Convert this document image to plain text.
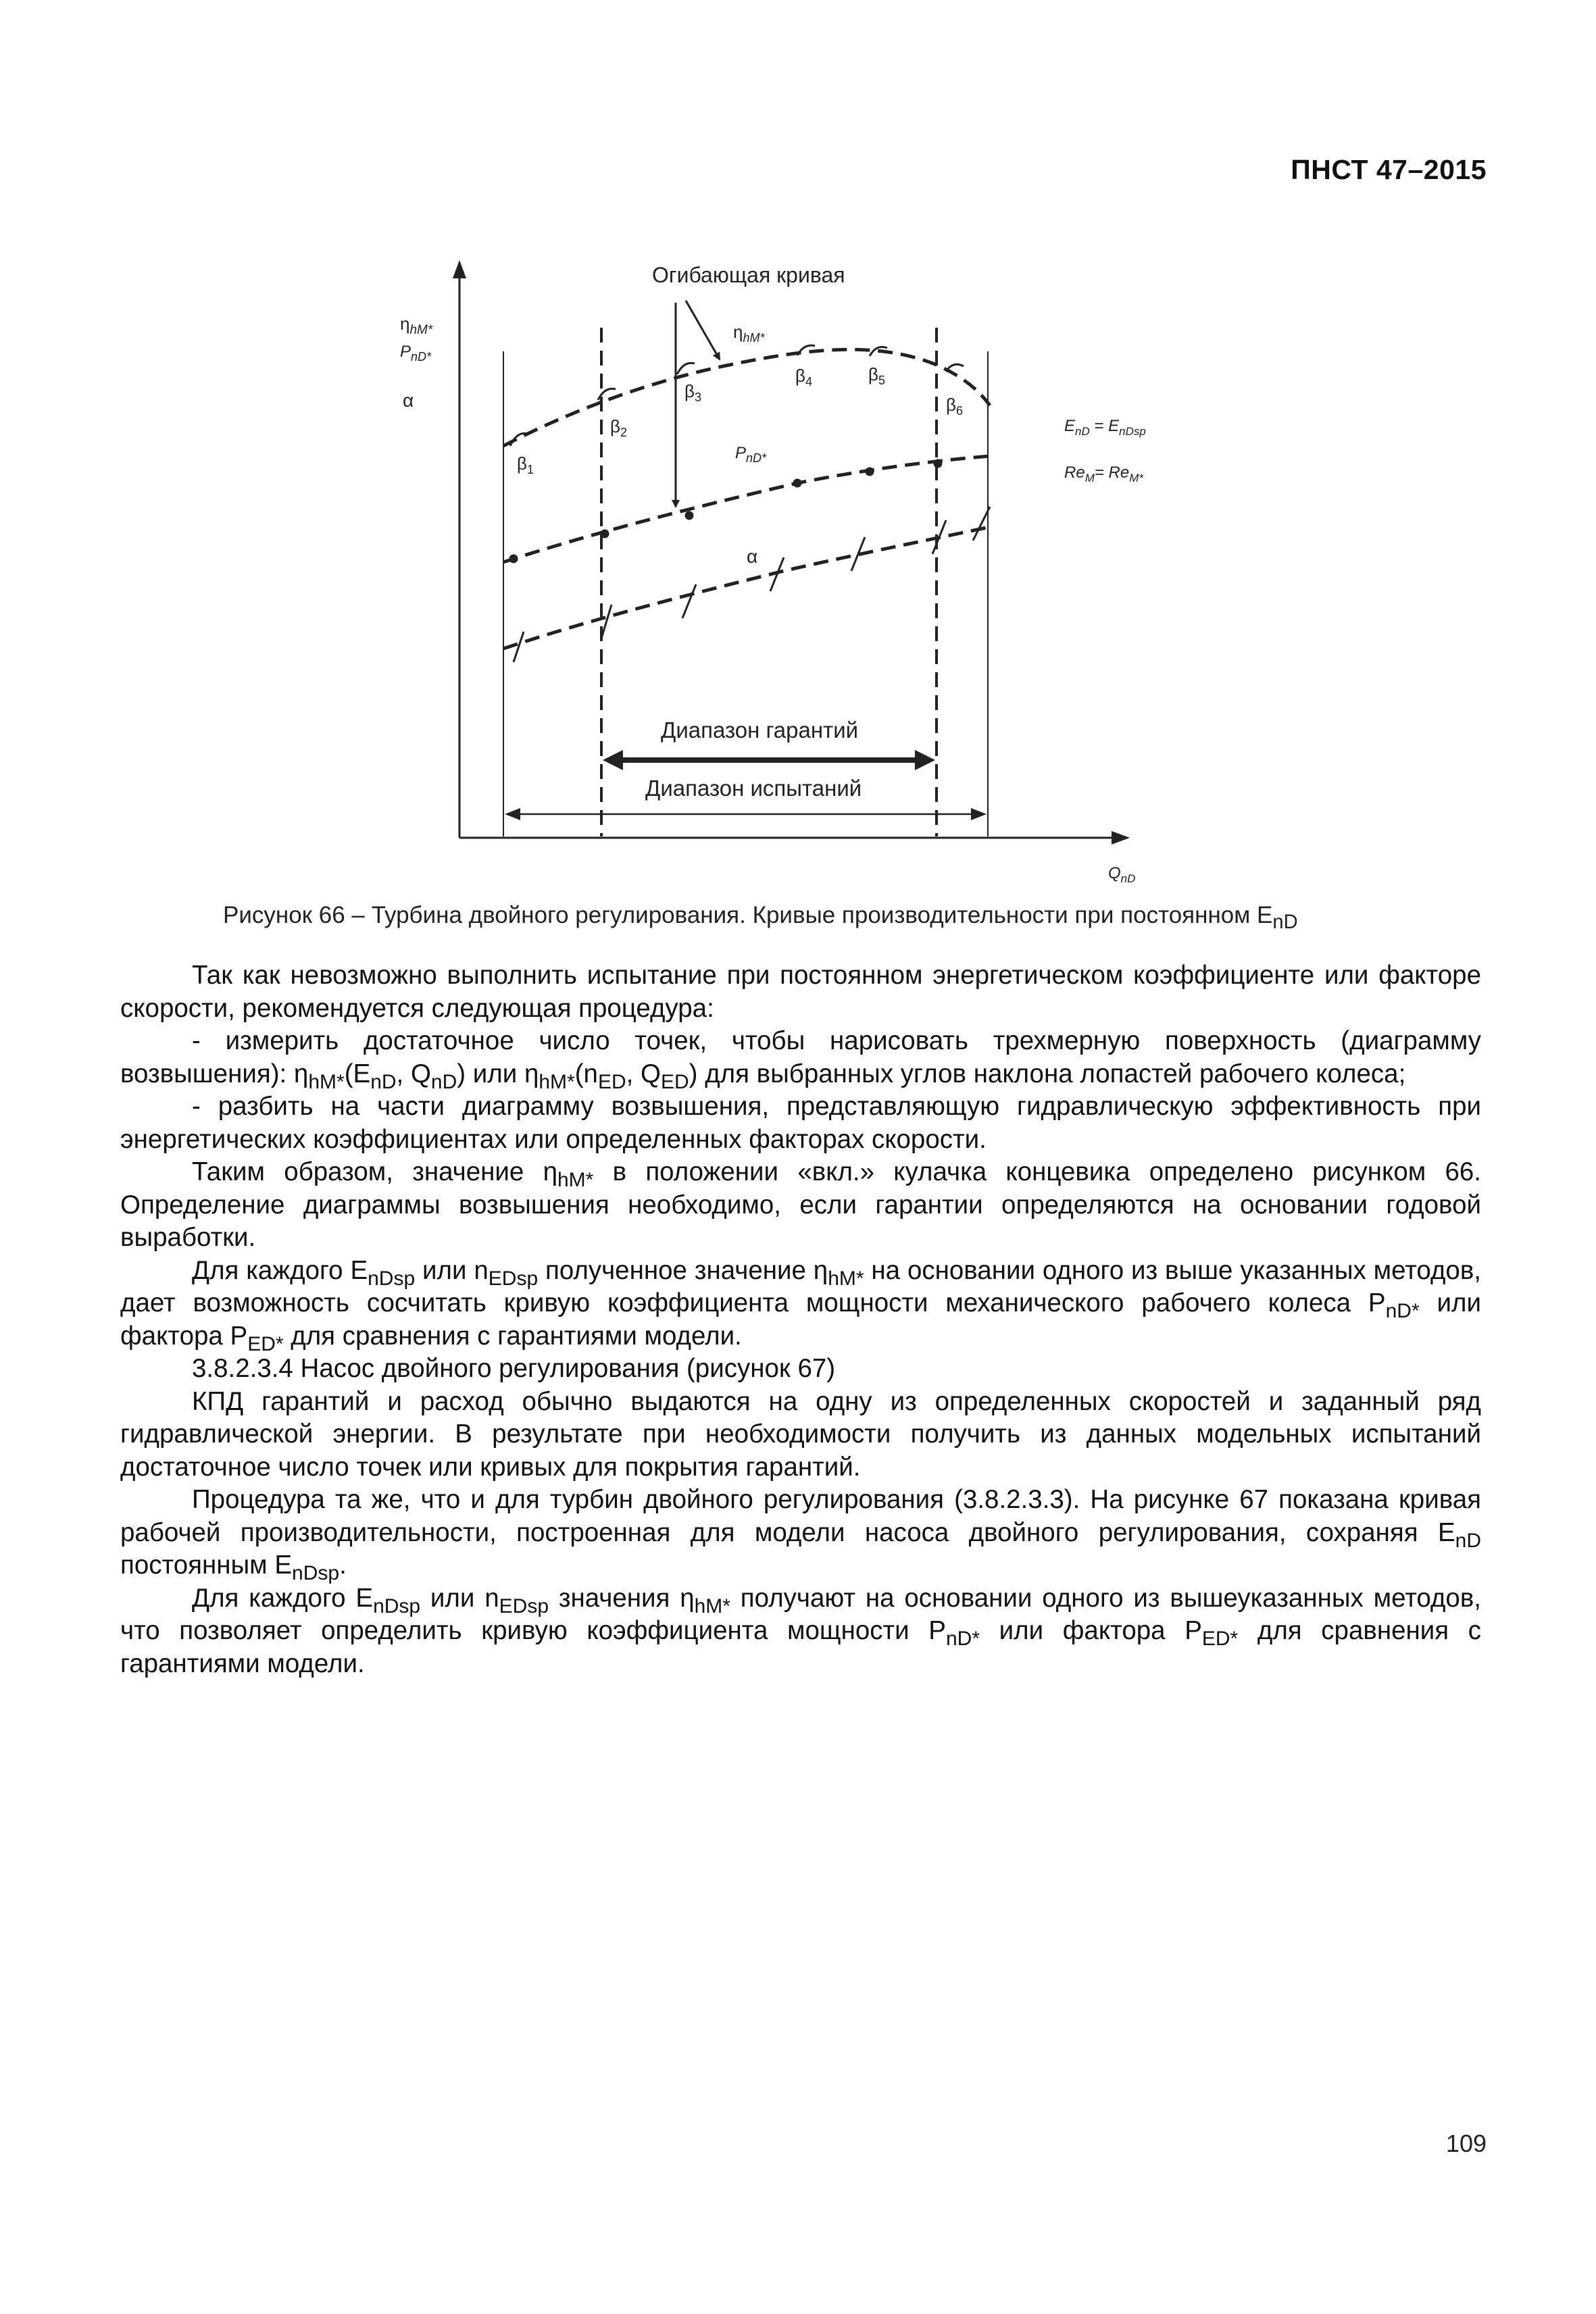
ПНСТ 47–2015
Огибающая кривая
$\eta_{hM*}$
$P_{nD*}$
α
$\eta_{hM*}$
$P_{nD*}$
α
$\beta_1$
$\beta_2$
$\beta_3$
$\beta_4$	$\beta_5$
$\beta_6$
$E_{nD} = E_{nDsp}$
$Re_M= Re_{M*}$
Диапазон гарантий
Диапазон испытаний
$Q_{nD}$
Рисунок 66 – Турбина двойного регулирования. Кривые производительности при постоянном $E_{nD}$

Так как невозможно выполнить испытание при постоянном энергетическом коэффициенте или факторе скорости, рекомендуется следующая процедура:

- измерить достаточное число точек, чтобы нарисовать трехмерную поверхность (диаграмму возвышения): $\eta_{hM*}(E_{nD}$, $Q_{nD}$) или $\eta_{hM*}(n_{ED}$, $Q_{ED}$) для выбранных углов наклона лопастей рабочего колеса;

- разбить на части диаграмму возвышения, представляющую гидравлическую эффективность при энергетических коэффициентах или определенных факторах скорости.

Таким образом, значение $\eta_{hM*}$ в положении «вкл.» кулачка концевика определено рисунком 66. Определение диаграммы возвышения необходимо, если гарантии определяются на основании годовой выработки.

Для каждого $E_{nDsp}$ или $n_{EDsp}$ полученное значение $\eta_{hM*}$ на основании одного из выше указанных методов, дает возможность сосчитать кривую коэффициента мощности механического рабочего колеса $P_{nD*}$ или фактора $P_{ED*}$ для сравнения с гарантиями модели.

3.8.2.3.4 Насос двойного регулирования (рисунок 67)

КПД гарантий и расход обычно выдаются на одну из определенных скоростей и заданный ряд гидравлической энергии. В результате при необходимости получить из данных модельных испытаний достаточное число точек или кривых для покрытия гарантий.

Процедура та же, что и для турбин двойного регулирования (3.8.2.3.3). На рисунке 67 показана кривая рабочей производительности, построенная для модели насоса двойного регулирования, сохраняя $E_{nD}$ постоянным $E_{nDsp}$.

Для каждого $E_{nDsp}$ или $n_{EDsp}$ значения $\eta_{hM*}$ получают на основании одного из вышеуказанных методов, что позволяет определить кривую коэффициента мощности $P_{nD*}$ или фактора $P_{ED*}$ для сравнения с гарантиями модели.

109
